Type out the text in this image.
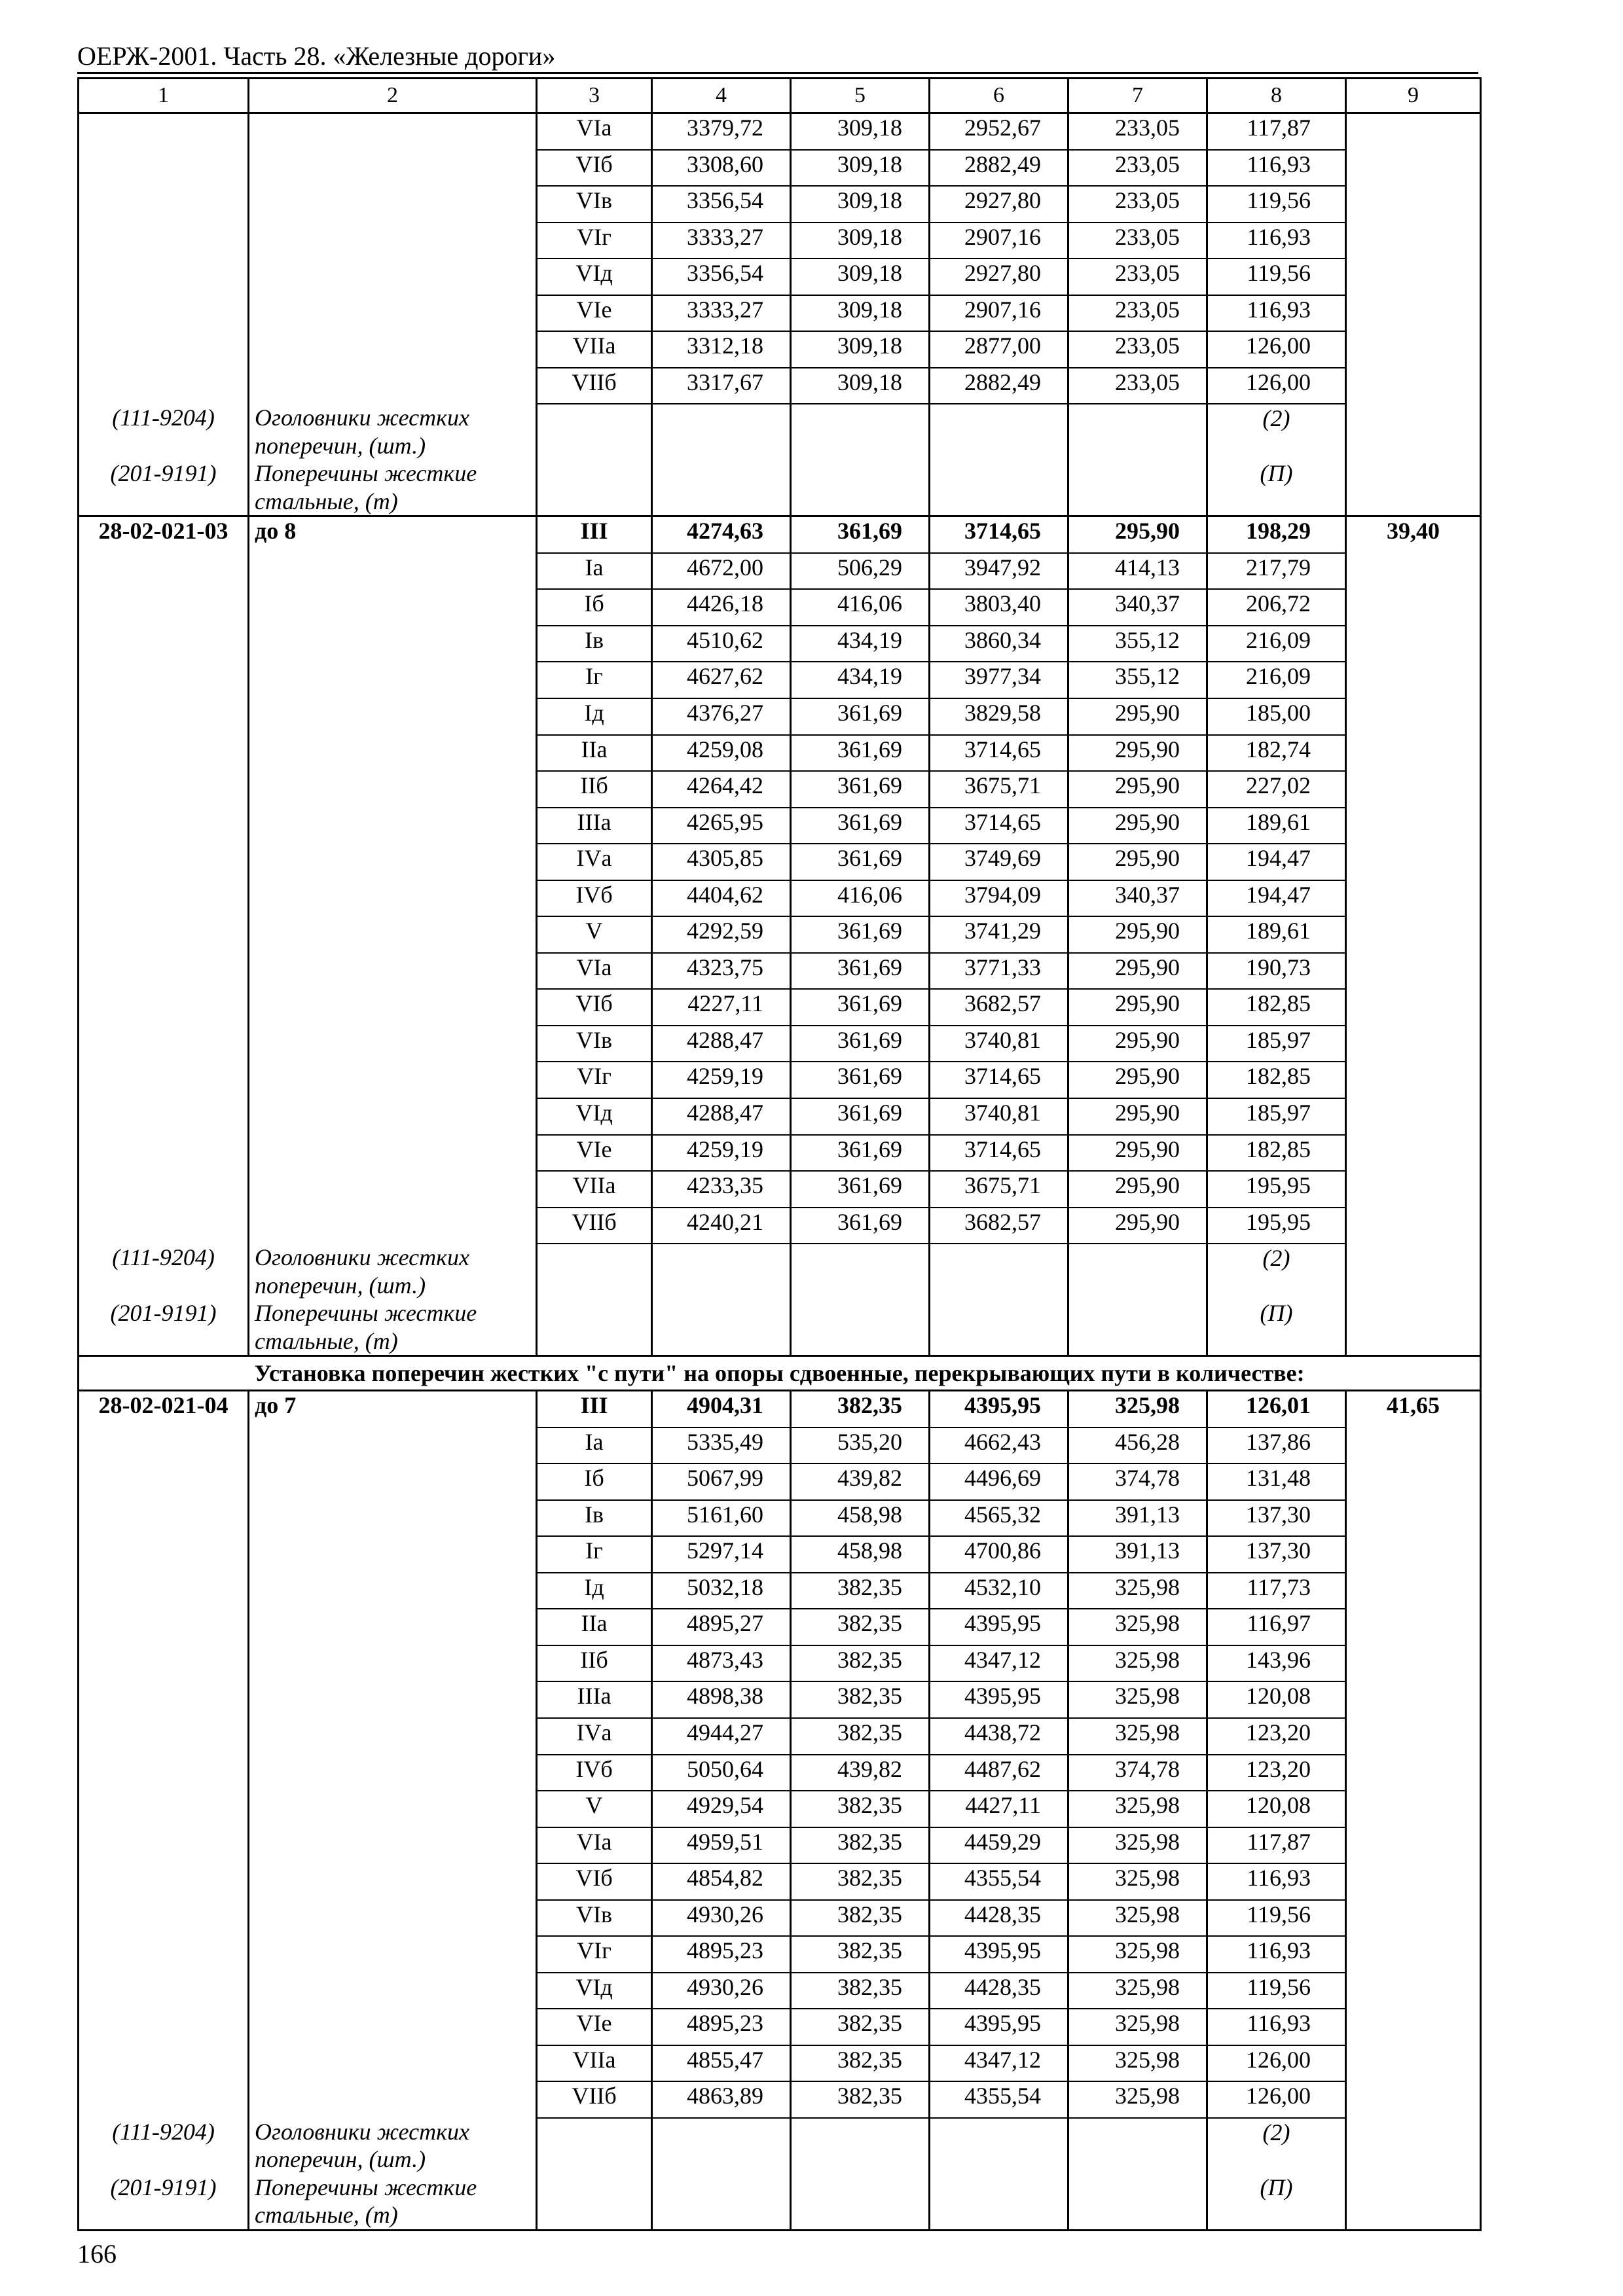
ОЕРЖ-2001. Часть 28. «Железные дороги»
1	2	3	4	5	6	7	8	9
		VIа	3379,72	309,18	2952,67	233,05	117,87	
		VIб	3308,60	309,18	2882,49	233,05	116,93	
		VIв	3356,54	309,18	2927,80	233,05	119,56	
		VIг	3333,27	309,18	2907,16	233,05	116,93	
		VIд	3356,54	309,18	2927,80	233,05	119,56	
		VIе	3333,27	309,18	2907,16	233,05	116,93	
		VIIа	3312,18	309,18	2877,00	233,05	126,00	
		VIIб	3317,67	309,18	2882,49	233,05	126,00	
(111-9204)	Оголовники жестких поперечин, (шт.)						(2)	
(201-9191)	Поперечины жесткие стальные, (т)						(П)	
28-02-021-03	до 8	III	4274,63	361,69	3714,65	295,90	198,29	39,40
		Iа	4672,00	506,29	3947,92	414,13	217,79	
		Iб	4426,18	416,06	3803,40	340,37	206,72	
		Iв	4510,62	434,19	3860,34	355,12	216,09	
		Iг	4627,62	434,19	3977,34	355,12	216,09	
		Iд	4376,27	361,69	3829,58	295,90	185,00	
		IIа	4259,08	361,69	3714,65	295,90	182,74	
		IIб	4264,42	361,69	3675,71	295,90	227,02	
		IIIа	4265,95	361,69	3714,65	295,90	189,61	
		IVа	4305,85	361,69	3749,69	295,90	194,47	
		IVб	4404,62	416,06	3794,09	340,37	194,47	
		V	4292,59	361,69	3741,29	295,90	189,61	
		VIа	4323,75	361,69	3771,33	295,90	190,73	
		VIб	4227,11	361,69	3682,57	295,90	182,85	
		VIв	4288,47	361,69	3740,81	295,90	185,97	
		VIг	4259,19	361,69	3714,65	295,90	182,85	
		VIд	4288,47	361,69	3740,81	295,90	185,97	
		VIе	4259,19	361,69	3714,65	295,90	182,85	
		VIIа	4233,35	361,69	3675,71	295,90	195,95	
		VIIб	4240,21	361,69	3682,57	295,90	195,95	
(111-9204)	Оголовники жестких поперечин, (шт.)						(2)	
(201-9191)	Поперечины жесткие стальные, (т)						(П)	
Установка поперечин жестких "с пути" на опоры сдвоенные, перекрывающих пути в количестве:								
28-02-021-04	до 7	III	4904,31	382,35	4395,95	325,98	126,01	41,65
		Iа	5335,49	535,20	4662,43	456,28	137,86	
		Iб	5067,99	439,82	4496,69	374,78	131,48	
		Iв	5161,60	458,98	4565,32	391,13	137,30	
		Iг	5297,14	458,98	4700,86	391,13	137,30	
		Iд	5032,18	382,35	4532,10	325,98	117,73	
		IIа	4895,27	382,35	4395,95	325,98	116,97	
		IIб	4873,43	382,35	4347,12	325,98	143,96	
		IIIа	4898,38	382,35	4395,95	325,98	120,08	
		IVа	4944,27	382,35	4438,72	325,98	123,20	
		IVб	5050,64	439,82	4487,62	374,78	123,20	
		V	4929,54	382,35	4427,11	325,98	120,08	
		VIа	4959,51	382,35	4459,29	325,98	117,87	
		VIб	4854,82	382,35	4355,54	325,98	116,93	
		VIв	4930,26	382,35	4428,35	325,98	119,56	
		VIг	4895,23	382,35	4395,95	325,98	116,93	
		VIд	4930,26	382,35	4428,35	325,98	119,56	
		VIе	4895,23	382,35	4395,95	325,98	116,93	
		VIIа	4855,47	382,35	4347,12	325,98	126,00	
		VIIб	4863,89	382,35	4355,54	325,98	126,00	
(111-9204)	Оголовники жестких поперечин, (шт.)						(2)	
(201-9191)	Поперечины жесткие стальные, (т)						(П)	
166
